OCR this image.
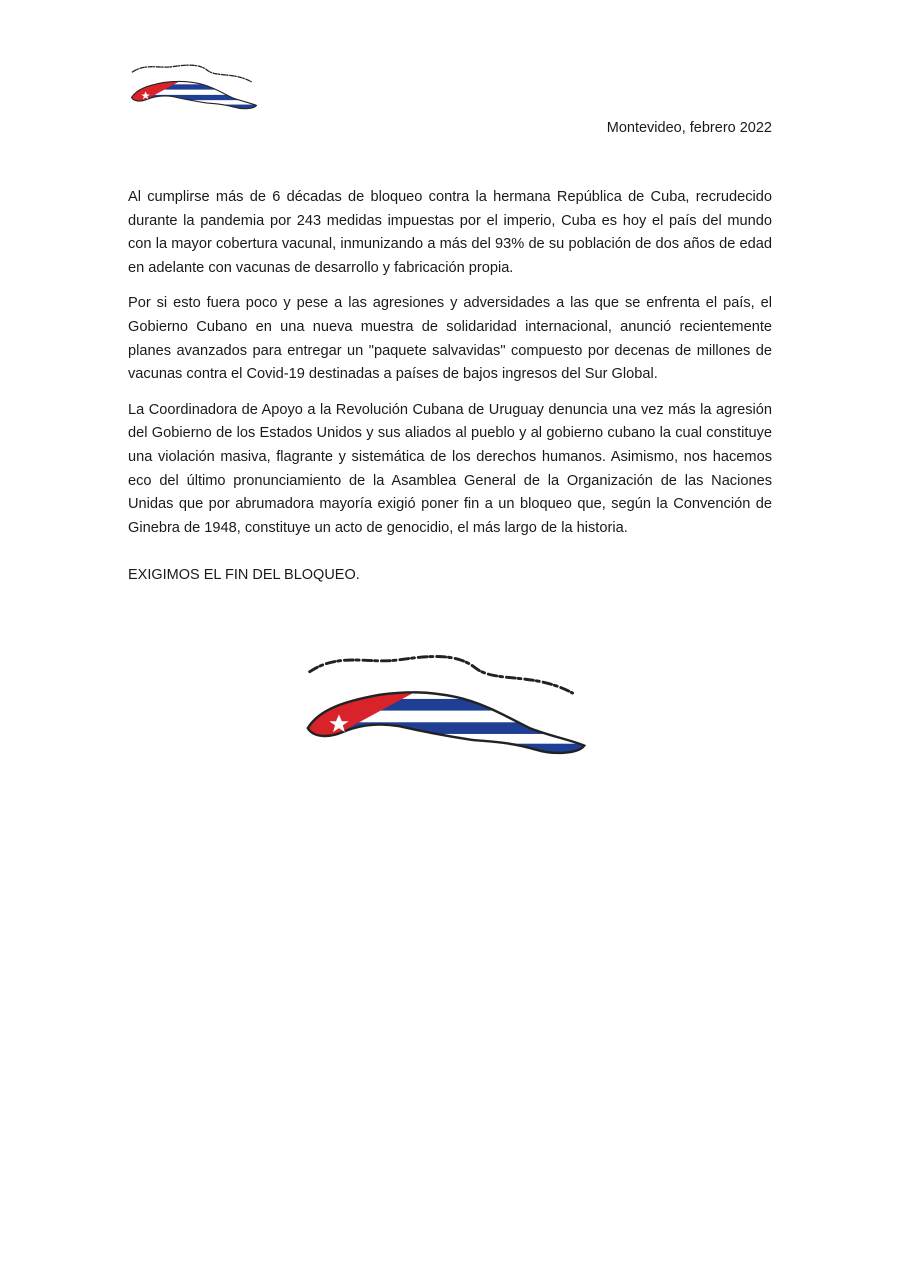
Montevideo, febrero 2022

Al cumplirse más de 6 décadas de bloqueo contra la hermana República de Cuba, recrudecido durante la pandemia por 243 medidas impuestas por el imperio, Cuba es hoy el país del mundo con la mayor cobertura vacunal, inmunizando a más del 93% de su población de dos años de edad en adelante con vacunas de desarrollo y fabricación propia.

Por si esto fuera poco y pese a las agresiones y adversidades a las que se enfrenta el país, el Gobierno Cubano en una nueva muestra de solidaridad internacional, anunció recientemente planes avanzados para entregar un "paquete salvavidas" compuesto por decenas de millones de vacunas contra el Covid-19 destinadas a países de bajos ingresos del Sur Global.

La Coordinadora de Apoyo a la Revolución Cubana de Uruguay denuncia una vez más la agresión del Gobierno de los Estados Unidos y sus aliados al pueblo y al gobierno cubano la cual constituye una violación masiva, flagrante y sistemática de los derechos humanos. Asimismo, nos hacemos eco del último pronunciamiento de la Asamblea General de la Organización de las Naciones Unidas que por abrumadora mayoría exigió poner fin a un bloqueo que, según la Convención de Ginebra de 1948, constituye un acto de genocidio, el más largo de la historia.

EXIGIMOS EL FIN DEL BLOQUEO.
